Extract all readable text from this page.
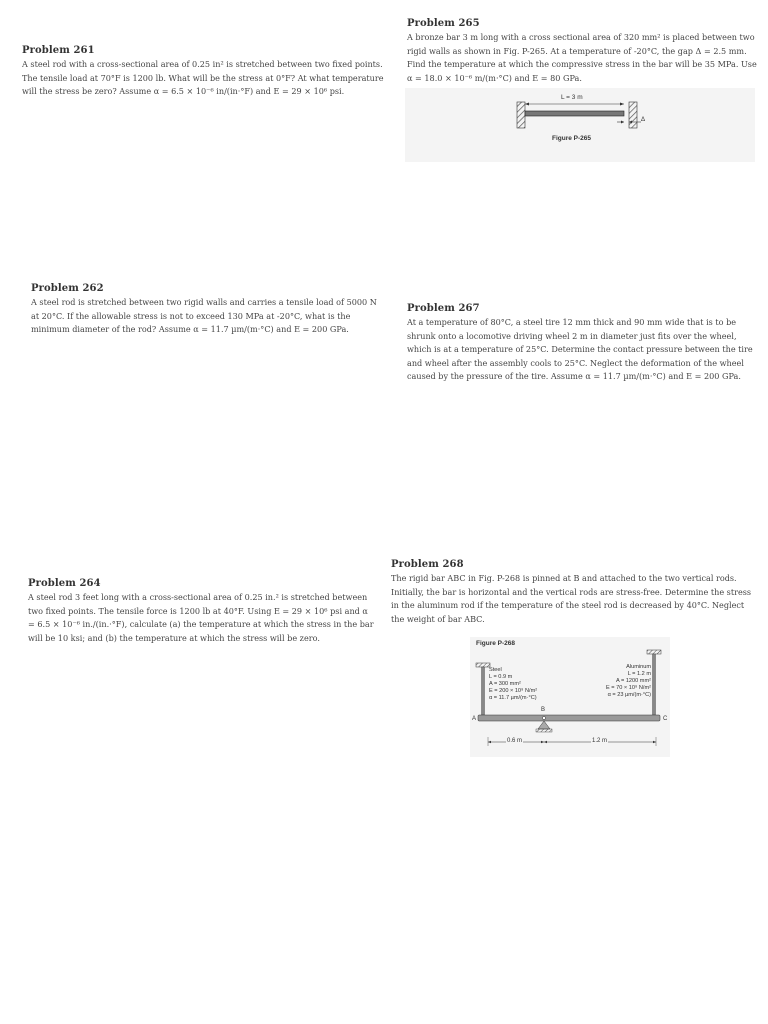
Problem 261
A steel rod with a cross-sectional area of 0.25 in² is stretched between two fixed points. The tensile load at 70°F is 1200 lb. What will be the stress at 0°F? At what temperature will the stress be zero? Assume α = 6.5 × 10⁻⁶ in/(in·°F) and E = 29 × 10⁶ psi.
Problem 265
A bronze bar 3 m long with a cross sectional area of 320 mm² is placed between two rigid walls as shown in Fig. P-265. At a temperature of -20°C, the gap Δ = 2.5 mm. Find the temperature at which the compressive stress in the bar will be 35 MPa. Use α = 18.0 × 10⁻⁶ m/(m·°C) and E = 80 GPa.
L = 3 m
Δ
Figure P-265
Problem 262
A steel rod is stretched between two rigid walls and carries a tensile load of 5000 N at 20°C. If the allowable stress is not to exceed 130 MPa at -20°C, what is the minimum diameter of the rod? Assume α = 11.7 µm/(m·°C) and E = 200 GPa.
Problem 267
At a temperature of 80°C, a steel tire 12 mm thick and 90 mm wide that is to be shrunk onto a locomotive driving wheel 2 m in diameter just fits over the wheel, which is at a temperature of 25°C. Determine the contact pressure between the tire and wheel after the assembly cools to 25°C. Neglect the deformation of the wheel caused by the pressure of the tire. Assume α = 11.7 µm/(m·°C) and E = 200 GPa.
Problem 264
A steel rod 3 feet long with a cross-sectional area of 0.25 in.² is stretched between two fixed points. The tensile force is 1200 lb at 40°F. Using E = 29 × 10⁶ psi and α = 6.5 × 10⁻⁶ in./(in.·°F), calculate (a) the temperature at which the stress in the bar will be 10 ksi; and (b) the temperature at which the stress will be zero.
Problem 268
The rigid bar ABC in Fig. P-268 is pinned at B and attached to the two vertical rods. Initially, the bar is horizontal and the vertical rods are stress-free. Determine the stress in the aluminum rod if the temperature of the steel rod is decreased by 40°C. Neglect the weight of bar ABC.
Figure P-268
Steel
L = 0.9 m
A = 300 mm²
E = 200 × 10⁹ N/m²
α = 11.7 µm/(m·°C)
Aluminum
L = 1.2 m
A = 1200 mm²
E = 70 × 10⁹ N/m²
α = 23 µm/(m·°C)
A
B
C
0.6 m	1.2 m
